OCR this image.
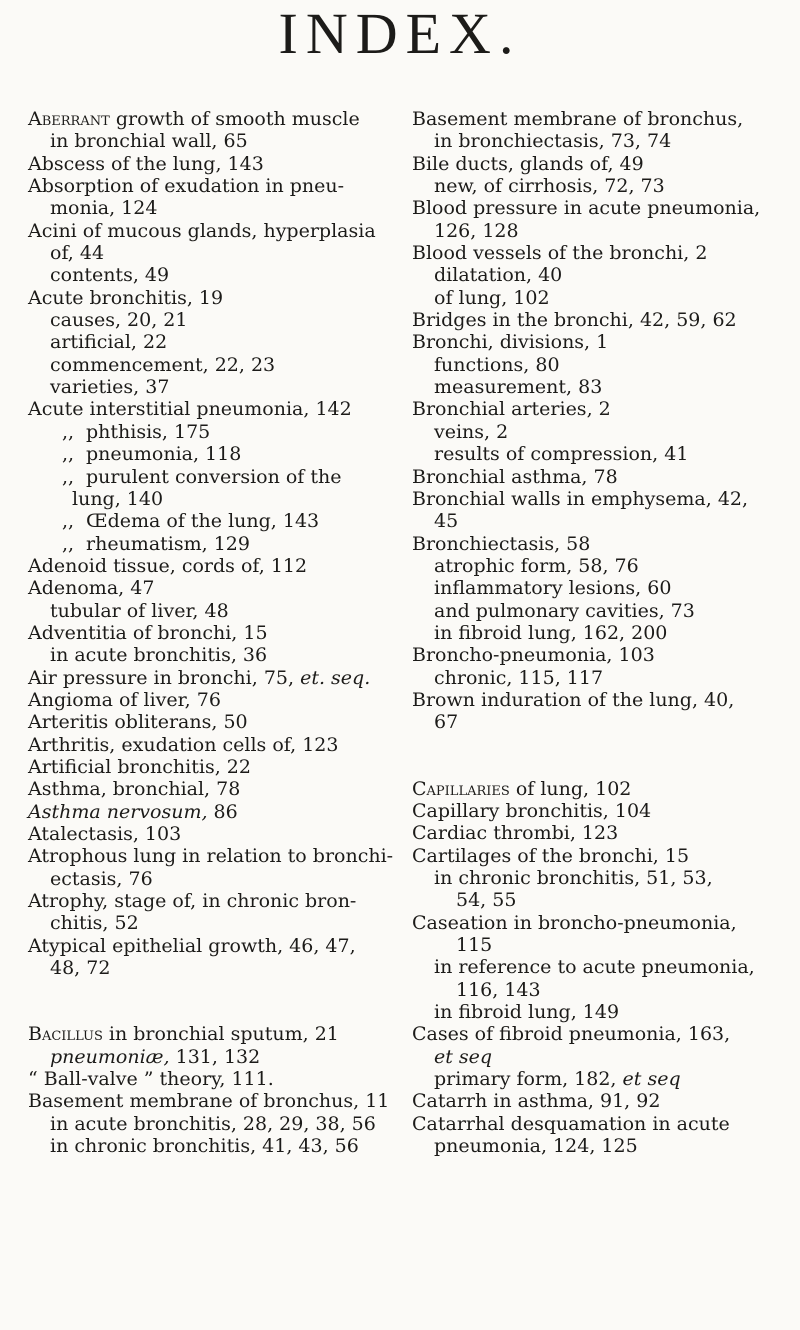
INDEX.
Aberrant growth of smooth muscle
in bronchial wall, 65
Abscess of the lung, 143
Absorption of exudation in pneu-
monia, 124
Acini of mucous glands, hyperplasia
of, 44
contents, 49
Acute bronchitis, 19
causes, 20, 21
artificial, 22
commencement, 22, 23
varieties, 37
Acute interstitial pneumonia, 142
,, phthisis, 175
,, pneumonia, 118
,, purulent conversion of the
lung, 140
,, Œdema of the lung, 143
,, rheumatism, 129
Adenoid tissue, cords of, 112
Adenoma, 47
tubular of liver, 48
Adventitia of bronchi, 15
in acute bronchitis, 36
Air pressure in bronchi, 75, et. seq.
Angioma of liver, 76
Arteritis obliterans, 50
Arthritis, exudation cells of, 123
Artificial bronchitis, 22
Asthma, bronchial, 78
Asthma nervosum, 86
Atalectasis, 103
Atrophous lung in relation to bronchi-
ectasis, 76
Atrophy, stage of, in chronic bron-
chitis, 52
Atypical epithelial growth, 46, 47,
48, 72
Bacillus in bronchial sputum, 21
pneumoniæ, 131, 132
“ Ball-valve ” theory, 111.
Basement membrane of bronchus, 11
in acute bronchitis, 28, 29, 38, 56
in chronic bronchitis, 41, 43, 56
Basement membrane of bronchus,
in bronchiectasis, 73, 74
Bile ducts, glands of, 49
new, of cirrhosis, 72, 73
Blood pressure in acute pneumonia,
126, 128
Blood vessels of the bronchi, 2
dilatation, 40
of lung, 102
Bridges in the bronchi, 42, 59, 62
Bronchi, divisions, 1
functions, 80
measurement, 83
Bronchial arteries, 2
veins, 2
results of compression, 41
Bronchial asthma, 78
Bronchial walls in emphysema, 42,
45
Bronchiectasis, 58
atrophic form, 58, 76
inflammatory lesions, 60
and pulmonary cavities, 73
in fibroid lung, 162, 200
Broncho-pneumonia, 103
chronic, 115, 117
Brown induration of the lung, 40,
67
Capillaries of lung, 102
Capillary bronchitis, 104
Cardiac thrombi, 123
Cartilages of the bronchi, 15
in chronic bronchitis, 51, 53,
54, 55
Caseation in broncho-pneumonia,
115
in reference to acute pneumonia,
116, 143
in fibroid lung, 149
Cases of fibroid pneumonia, 163,
et seq
primary form, 182, et seq
Catarrh in asthma, 91, 92
Catarrhal desquamation in acute
pneumonia, 124, 125
